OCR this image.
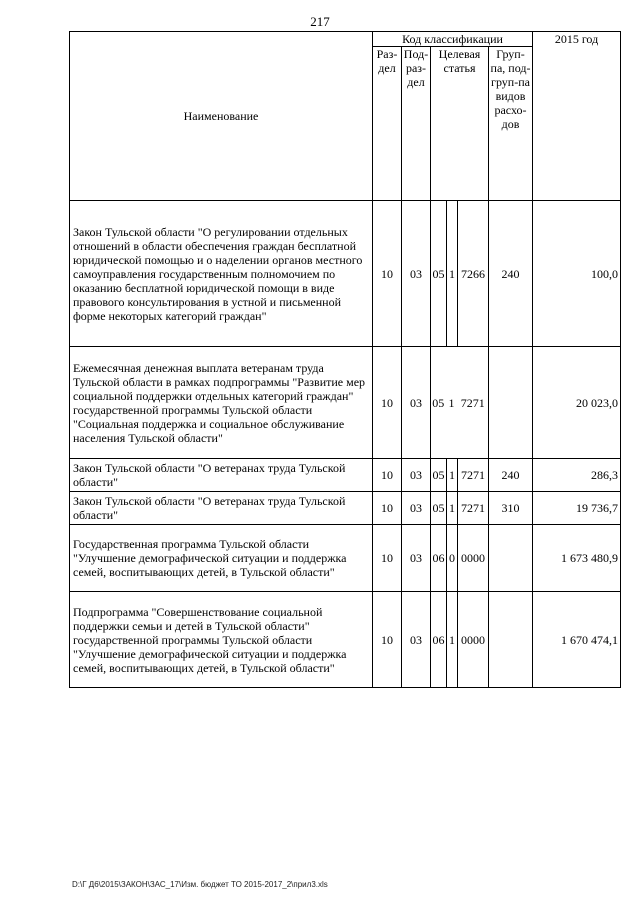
217
Наименование	Код классификации						2015 год
	Раз-дел	Под-раз-дел	Целевая статья			Груп-па, под-груп-па видов расхо-дов	
Закон Тульской области "О регулировании отдельных отношений в области обеспечения граждан бесплатной юридической помощью и о наделении органов местного самоуправления государственным полномочием по оказанию бесплатной юридической помощи в виде правового консультирования в устной и письменной форме некоторых категорий граждан"	10	03	05	1	7266	240	100,0
Ежемесячная денежная выплата ветеранам труда Тульской области в рамках подпрограммы "Развитие мер социальной поддержки отдельных категорий граждан" государственной программы Тульской области "Социальная поддержка и социальное обслуживание населения Тульской области"	10	03	05	1	7271		20 023,0
Закон Тульской области "О ветеранах труда Тульской области"	10	03	05	1	7271	240	286,3
Закон Тульской области "О ветеранах труда Тульской области"	10	03	05	1	7271	310	19 736,7
Государственная программа Тульской области "Улучшение демографической ситуации и поддержка семей, воспитывающих детей, в Тульской области"	10	03	06	0	0000		1 673 480,9
Подпрограмма "Совершенствование социальной поддержки семьи и детей в Тульской области" государственной программы Тульской области "Улучшение демографической ситуации и поддержка семей, воспитывающих детей, в Тульской области"	10	03	06	1	0000		1 670 474,1
D:\Г Д6\2015\ЗАКОН\ЗАС_17\Изм. бюджет ТО 2015-2017_2\прил3.xls
